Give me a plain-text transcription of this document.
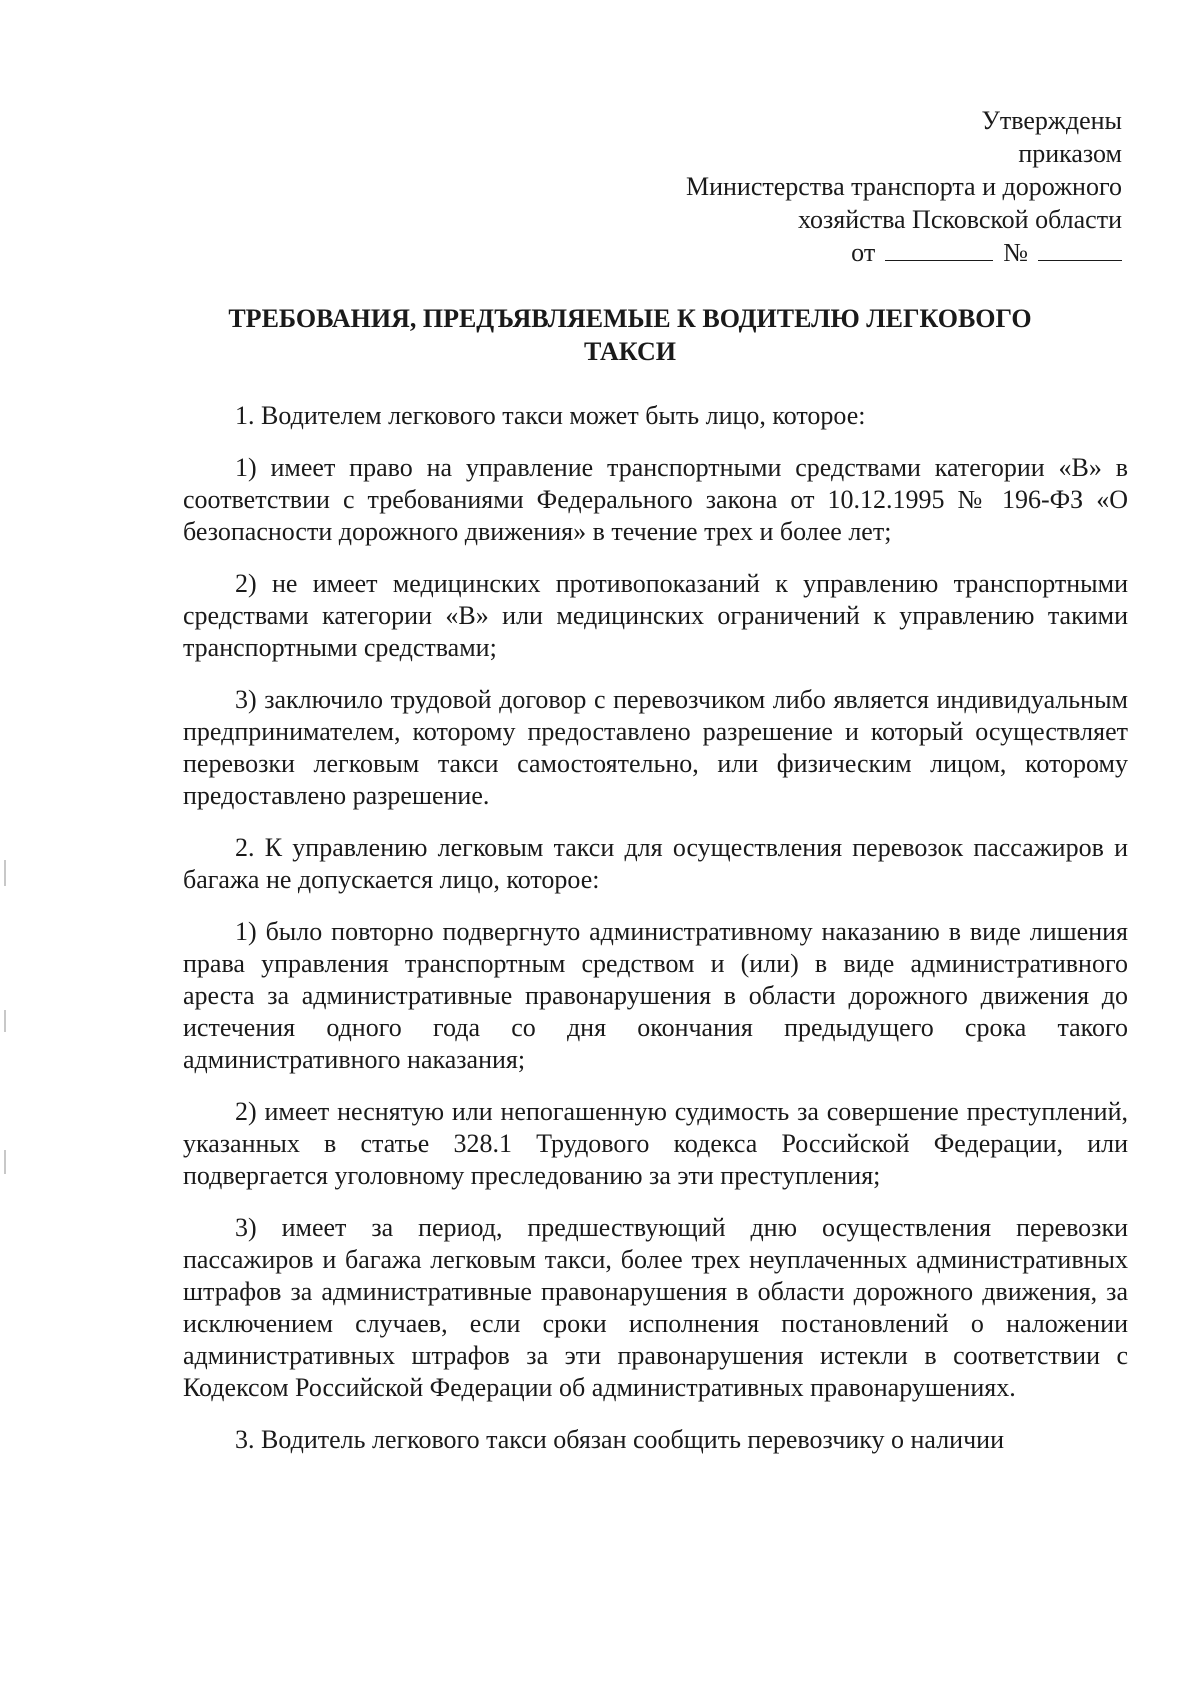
Утверждены
приказом
Министерства транспорта и дорожного
хозяйства Псковской области
от	№
ТРЕБОВАНИЯ, ПРЕДЪЯВЛЯЕМЫЕ К ВОДИТЕЛЮ ЛЕГКОВОГО ТАКСИ

1. Водителем легкового такси может быть лицо, которое:

1) имеет право на управление транспортными средствами категории «В» в соответствии с требованиями Федерального закона от 10.12.1995 № 196-ФЗ «О безопасности дорожного движения» в течение трех и более лет;

2) не имеет медицинских противопоказаний к управлению транспортными средствами категории «В» или медицинских ограничений к управлению такими транспортными средствами;

3) заключило трудовой договор с перевозчиком либо является индивидуальным предпринимателем, которому предоставлено разрешение и который осуществляет перевозки легковым такси самостоятельно, или физическим лицом, которому предоставлено разрешение.

2. К управлению легковым такси для осуществления перевозок пассажиров и багажа не допускается лицо, которое:

1) было повторно подвергнуто административному наказанию в виде лишения права управления транспортным средством и (или) в виде административного ареста за административные правонарушения в области дорожного движения до истечения одного года со дня окончания предыдущего срока такого административного наказания;

2) имеет неснятую или непогашенную судимость за совершение преступлений, указанных в статье 328.1 Трудового кодекса Российской Федерации, или подвергается уголовному преследованию за эти преступления;

3) имеет за период, предшествующий дню осуществления перевозки пассажиров и багажа легковым такси, более трех неуплаченных административных штрафов за административные правонарушения в области дорожного движения, за исключением случаев, если сроки исполнения постановлений о наложении административных штрафов за эти правонарушения истекли в соответствии с Кодексом Российской Федерации об административных правонарушениях.

3. Водитель легкового такси обязан сообщить перевозчику о наличии
